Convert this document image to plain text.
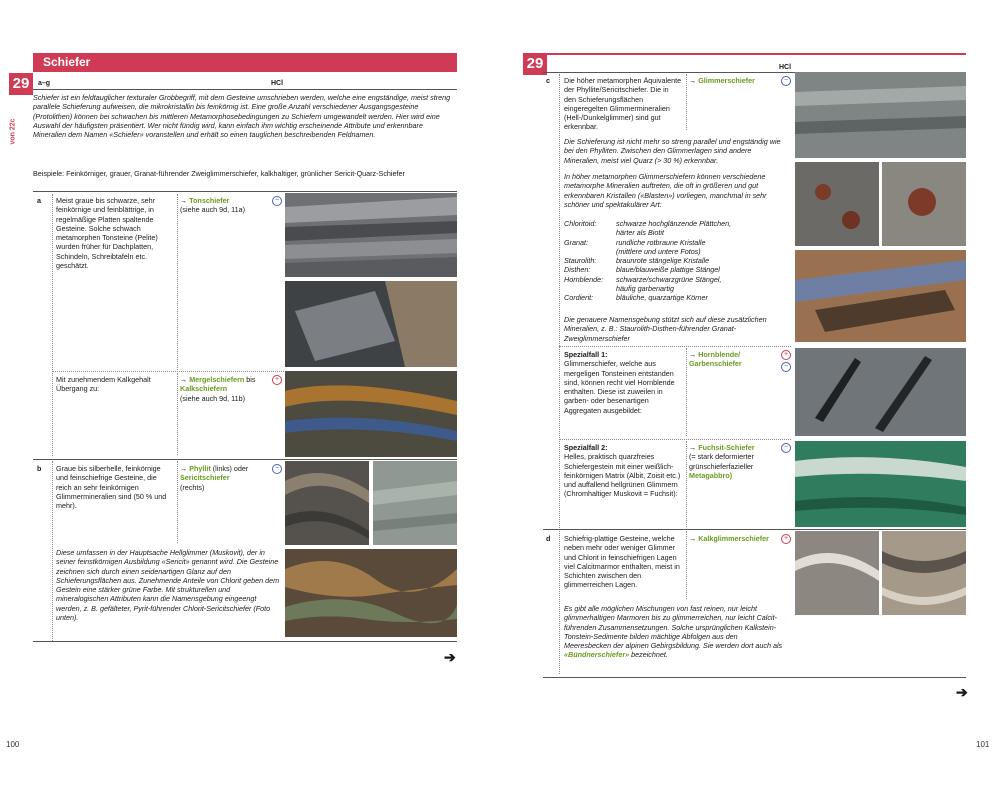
Schiefer
29
von 22c
a–g	HCl
Schiefer ist ein feldtauglicher texturaler Grobbegriff, mit dem Gesteine umschrieben werden, welche eine engständige, meist streng parallele Schieferung aufweisen, die mikrokristallin bis feinkörnig ist. Eine große Anzahl verschiedener Ausgangsgesteine (Protolithen) können bei schwachen bis mittleren Metamorphosebedingungen zu Schiefern umgewandelt werden. Hier wird eine Auswahl der häufigsten präsentiert. Wer nicht fündig wird, kann einfach ihm wichtig erscheinende Attribute und erkennbare Mineralien dem Namen «Schiefer» voranstellen und erhält so einen tauglichen beschreibenden Feldnamen.
Beispiele: Feinkörniger, grauer, Granat-führender Zweiglimmerschiefer, kalkhaltiger, grünlicher Sericit-Quarz-Schiefer
a Meist graue bis schwarze, sehr feinkörnige und feinblättrige, in regelmäßige Platten spaltende Gesteine. Solche schwach metamorphen Tonsteine (Pelite) wurden früher für Dachplatten, Schindeln, Schreibtafeln etc. geschätzt.
→ Tonschiefer
(siehe auch 9d, 11a)
−
Mit zunehmendem Kalkgehalt Übergang zu:
→ Mergelschiefern bis
Kalkschiefern
(siehe auch 9d, 11b)
+
b Graue bis silberhelle, feinkörnige und feinschiefrige Gesteine, die reich an sehr feinkörnigen Glimmermineralien sind (50 % und mehr).
→ Phyllit (links) oder
Sericitschiefer
(rechts)
−
Diese umfassen in der Hauptsache Hellglimmer (Muskovit), der in seiner feinstkörnigen Ausbildung «Sericit» genannt wird. Die Gesteine zeichnen sich durch einen seidenartigen Glanz auf den Schieferungsflächen aus. Zunehmende Anteile von Chlorit geben dem Gestein eine stärker grüne Farbe. Mit strukturellen und mineralogischen Attributen kann die Namensgebung eingeengt werden, z. B. gefälteter, Pyrit-führender Chlorit-Sericitschiefer (Foto unten).
➔
100
29	HCl
c Die höher metamorphen Äquivalente der Phyllite/Sericitschiefer. Die in den Schieferungsflächen eingeregelten Glimmermineralien (Hell-/Dunkelglimmer) sind gut erkennbar.
→ Glimmerschiefer	−
Die Schieferung ist nicht mehr so streng parallel und engständig wie bei den Phylliten. Zwischen den Glimmerlagen sind andere Mineralien, meist viel Quarz (> 30 %) erkennbar.
In höher metamorphen Glimmerschiefern können verschiedene metamorphe Mineralien auftreten, die oft in größeren und gut erkennbaren Kristallen («Blasten») vorliegen, manchmal in sehr schöner und spektakulärer Art:
Chloritoid:	schwarze hochglänzende Plättchen,
härter als Biotit
Granat:	rundliche rotbraune Kristalle
(mittlere und untere Fotos)
Staurolith:	braunrote stängelige Kristalle
Disthen:	blaue/blauweiße plattige Stängel
Hornblende: schwarze/schwarzgrüne Stängel,
häufig garbenartig
Cordierit:	bläuliche, quarzartige Körner
Die genauere Namensgebung stützt sich auf diese zusätzlichen Mineralien, z. B.: Staurolith-Disthen-führender Granat-Zweiglimmerschiefer
Spezialfall 1:
Glimmerschiefer, welche aus mergeligen Tonsteinen entstanden sind, können recht viel Hornblende enthalten. Diese ist zuweilen in garben- oder besenartigen Aggregaten ausgebildet:
→ Hornblende/ Garbenschiefer
+
−
Spezialfall 2:
Helles, praktisch quarzfreies Schiefergestein mit einer weißlich-feinkörnigen Matrix (Albit, Zoisit etc.) und auffallend hellgrünen Glimmern (Chromhaltiger Muskovit = Fuchsit):
→ Fuchsit-Schiefer
(= stark deformierter grünschieferfazieller
Metagabbro)
−
d Schiefrig-plattige Gesteine, welche neben mehr oder weniger Glimmer und Chlorit in feinschiefrigen Lagen viel Calcitmarmor enthalten, meist in Schichten zwischen den glimmerreichen Lagen.
→ Kalkglimmerschiefer	+
Es gibt alle möglichen Mischungen von fast reinen, nur leicht glimmerhaltigen Marmoren bis zu glimmerreichen, nur leicht Calcit-führenden Zusammensetzungen. Solche ursprünglichen Kalkstein-Tonstein-Sedimente bilden mächtige Abfolgen aus den Meeresbecken der alpinen Gebirgsbildung. Sie werden dort auch als «Bündnerschiefer» bezeichnet.
➔
101
